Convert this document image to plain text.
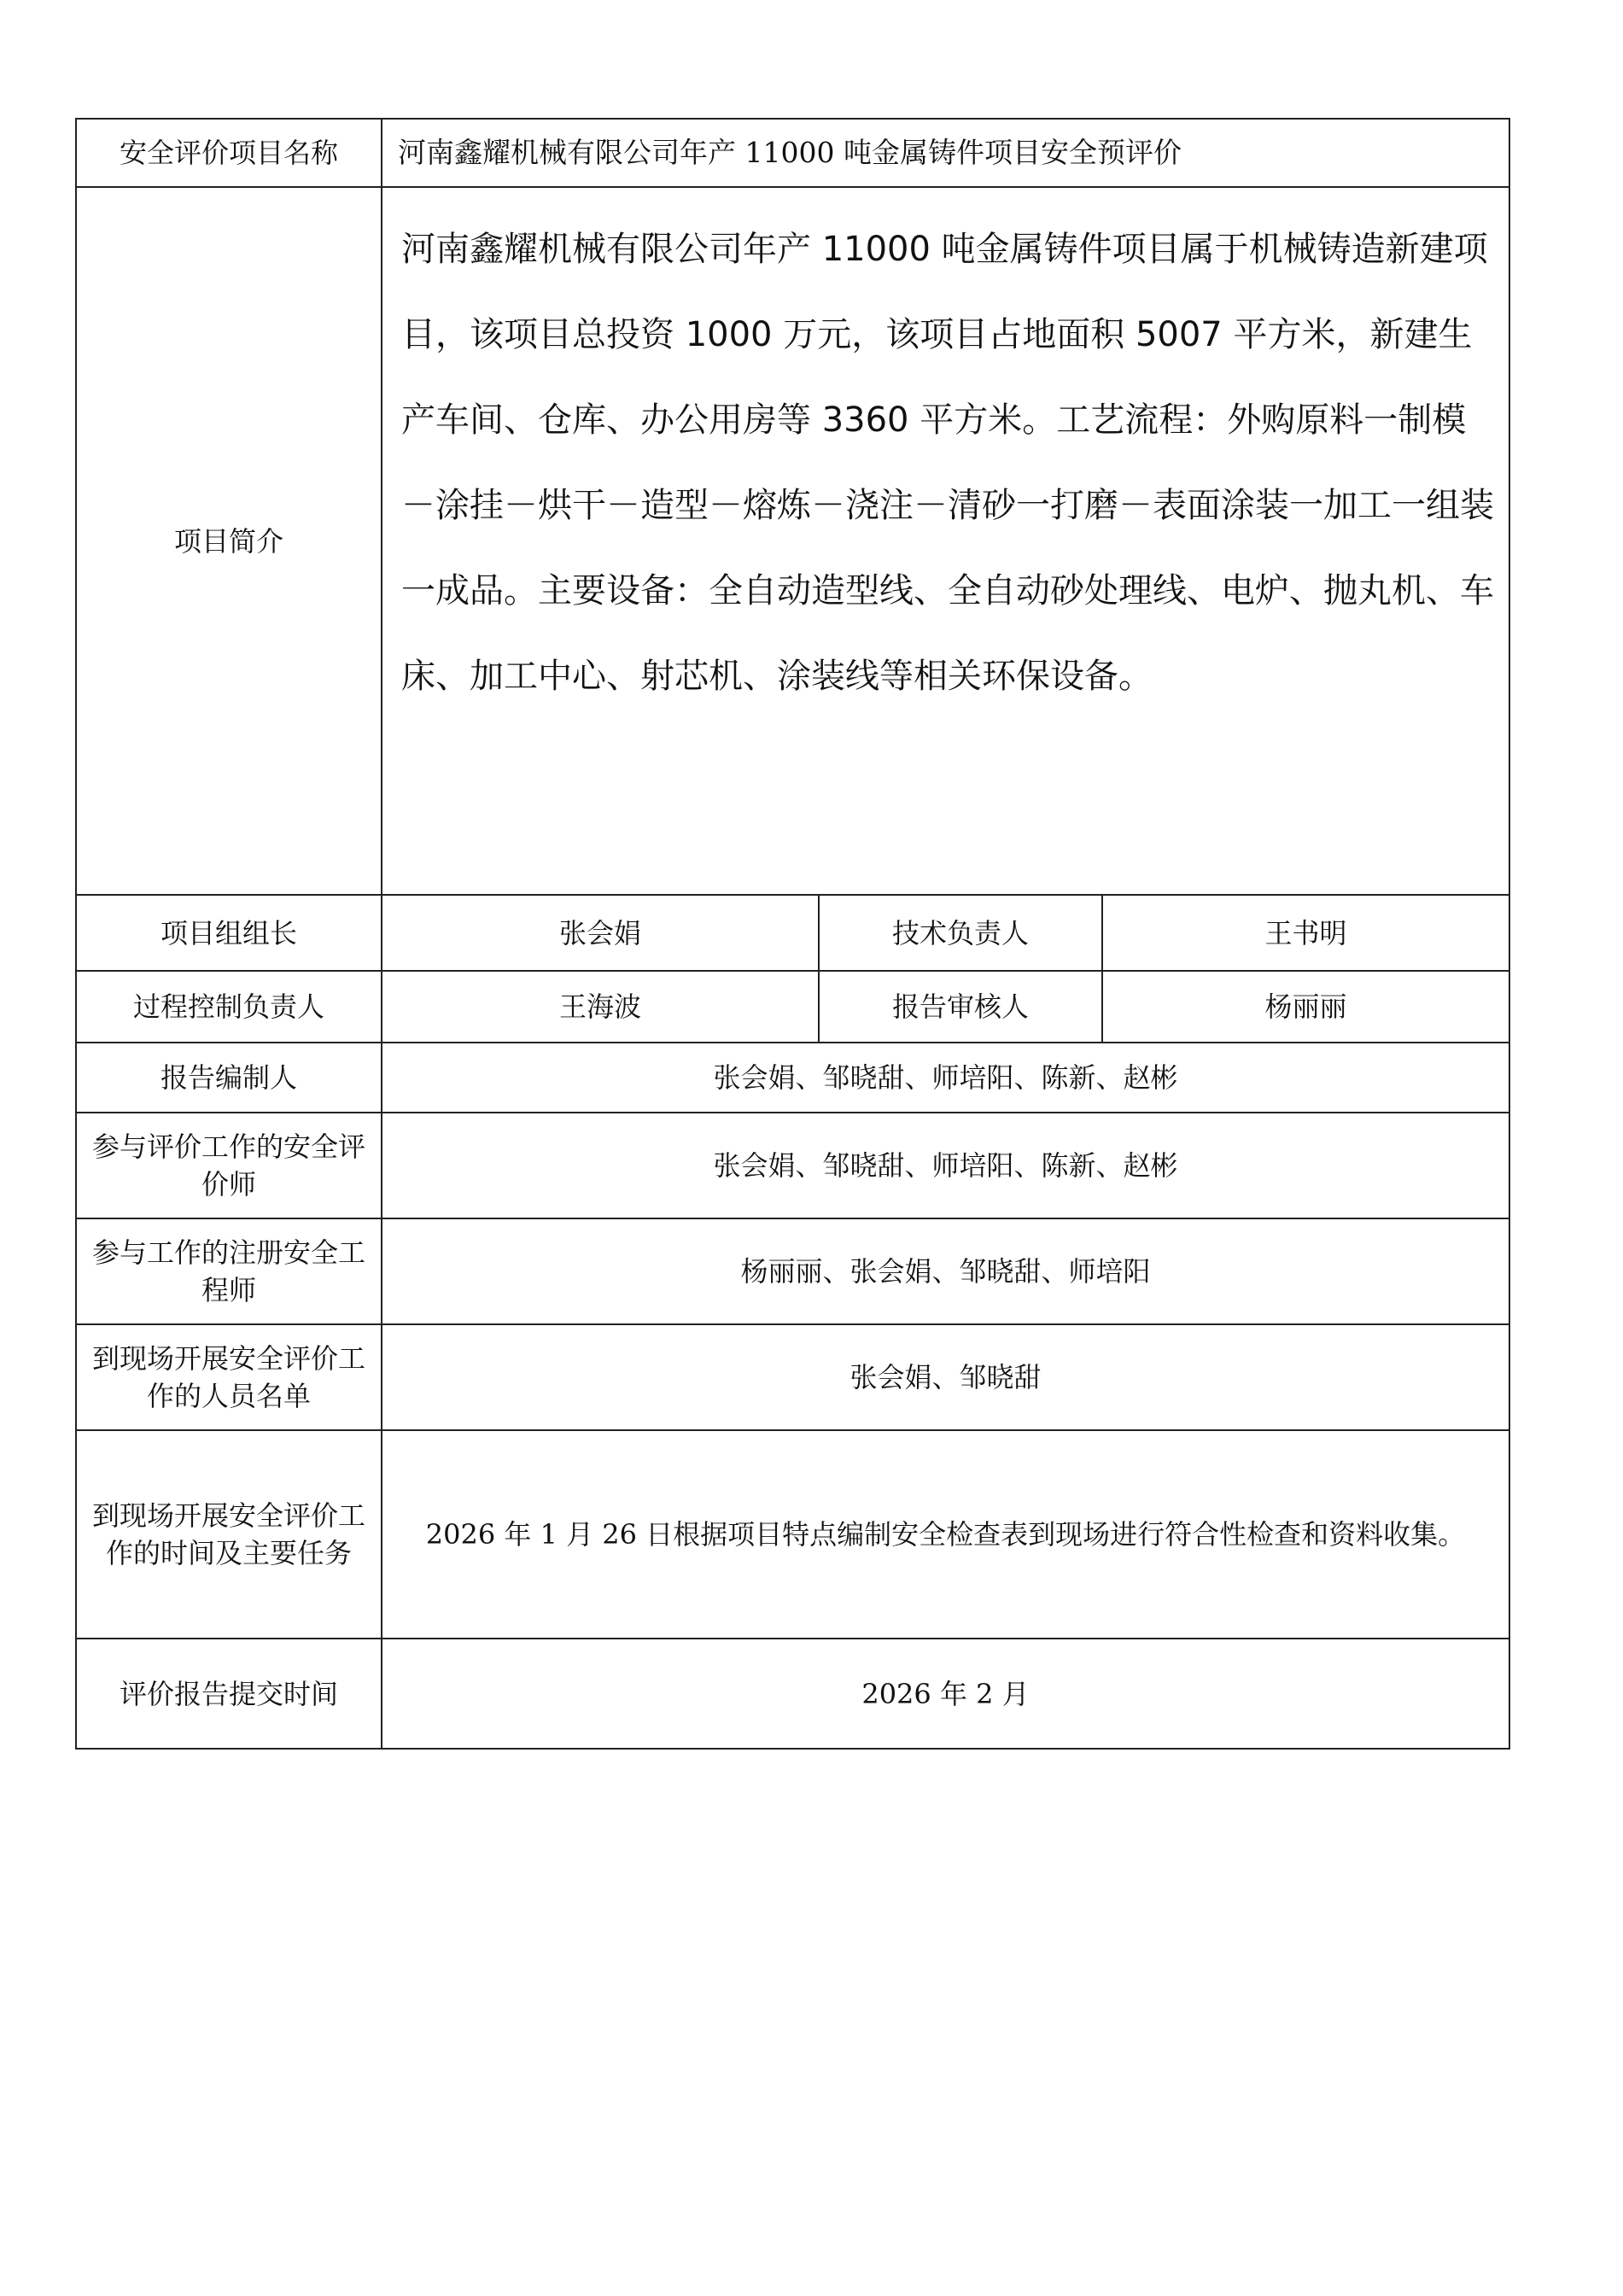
安全评价项目名称	河南鑫耀机械有限公司年产 11000 吨金属铸件项目安全预评价		
项目简介	河南鑫耀机械有限公司年产 11000 吨金属铸件项目属于机械铸造新建项目，该项目总投资 1000 万元，该项目占地面积 5007 平方米，新建生产车间、仓库、办公用房等 3360 平方米。工艺流程：外购原料一制模－涂挂－烘干－造型－熔炼－浇注－清砂一打磨－表面涂装一加工一组装一成品。主要设备：全自动造型线、全自动砂处理线、电炉、抛丸机、车床、加工中心、射芯机、涂装线等相关环保设备。		
项目组组长	张会娟	技术负责人	王书明
过程控制负责人	王海波	报告审核人	杨丽丽
报告编制人	张会娟、邹晓甜、师培阳、陈新、赵彬		
参与评价工作的安全评价师	张会娟、邹晓甜、师培阳、陈新、赵彬		
参与工作的注册安全工程师	杨丽丽、张会娟、邹晓甜、师培阳		
到现场开展安全评价工作的人员名单	张会娟、邹晓甜		
到现场开展安全评价工作的时间及主要任务	2026 年 1 月 26 日根据项目特点编制安全检查表到现场进行符合性检查和资料收集。		
评价报告提交时间	2026 年 2 月		
